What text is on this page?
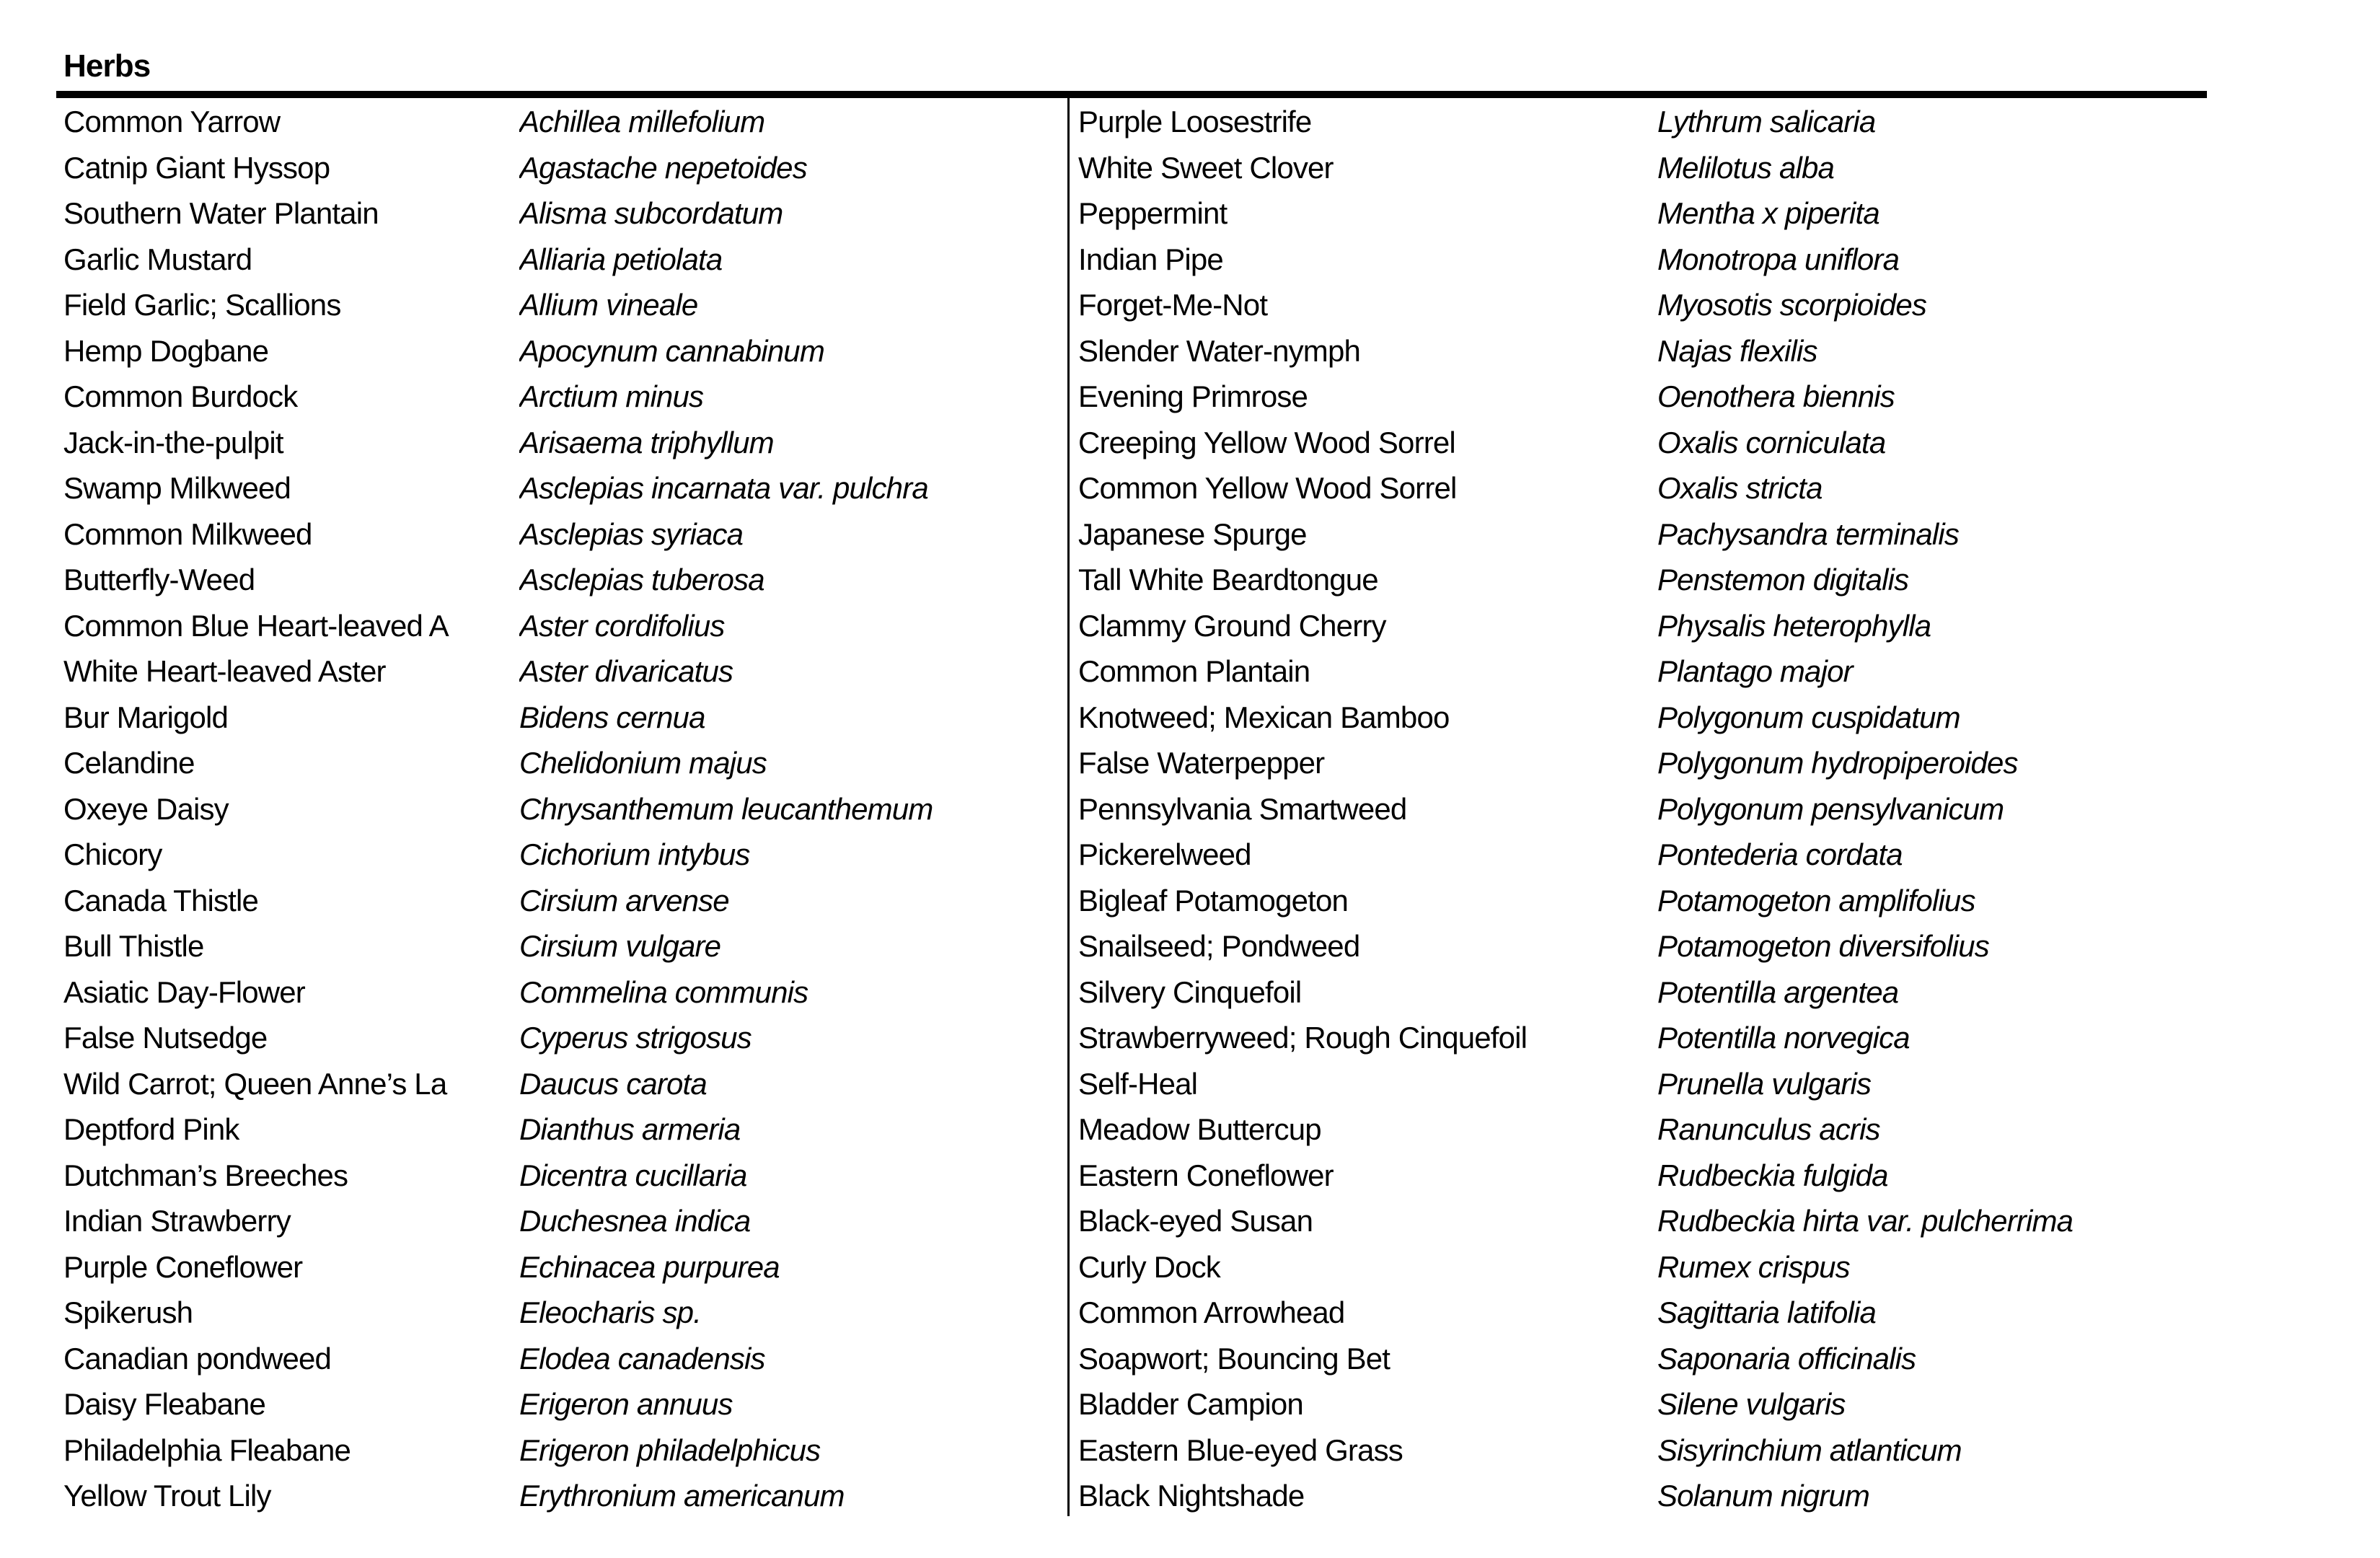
Herbs
Common Yarrow	Achillea millefolium
Catnip Giant Hyssop	Agastache nepetoides
Southern Water Plantain	Alisma subcordatum
Garlic Mustard	Alliaria petiolata
Field Garlic; Scallions	Allium vineale
Hemp Dogbane	Apocynum cannabinum
Common Burdock	Arctium minus
Jack-in-the-pulpit	Arisaema triphyllum
Swamp Milkweed	Asclepias incarnata var. pulchra
Common Milkweed	Asclepias syriaca
Butterfly-Weed	Asclepias tuberosa
Common Blue Heart-leaved A	Aster cordifolius
White Heart-leaved Aster	Aster divaricatus
Bur Marigold	Bidens cernua
Celandine	Chelidonium majus
Oxeye Daisy	Chrysanthemum leucanthemum
Chicory	Cichorium intybus
Canada Thistle	Cirsium arvense
Bull Thistle	Cirsium vulgare
Asiatic Day-Flower	Commelina communis
False Nutsedge	Cyperus strigosus
Wild Carrot; Queen Anne’s La	Daucus carota
Deptford Pink	Dianthus armeria
Dutchman’s Breeches	Dicentra cucillaria
Indian Strawberry	Duchesnea indica
Purple Coneflower	Echinacea purpurea
Spikerush	Eleocharis sp.
Canadian pondweed	Elodea canadensis
Daisy Fleabane	Erigeron annuus
Philadelphia Fleabane	Erigeron philadelphicus
Yellow Trout Lily	Erythronium americanum
Purple Loosestrife	Lythrum salicaria
White Sweet Clover	Melilotus alba
Peppermint	Mentha x piperita
Indian Pipe	Monotropa uniflora
Forget-Me-Not	Myosotis scorpioides
Slender Water-nymph	Najas flexilis
Evening Primrose	Oenothera biennis
Creeping Yellow Wood Sorrel	Oxalis corniculata
Common Yellow Wood Sorrel	Oxalis stricta
Japanese Spurge	Pachysandra terminalis
Tall White Beardtongue	Penstemon digitalis
Clammy Ground Cherry	Physalis heterophylla
Common Plantain	Plantago major
Knotweed; Mexican Bamboo	Polygonum cuspidatum
False Waterpepper	Polygonum hydropiperoides
Pennsylvania Smartweed	Polygonum pensylvanicum
Pickerelweed	Pontederia cordata
Bigleaf Potamogeton	Potamogeton amplifolius
Snailseed; Pondweed	Potamogeton diversifolius
Silvery Cinquefoil	Potentilla argentea
Strawberryweed; Rough Cinquefoil	Potentilla norvegica
Self-Heal	Prunella vulgaris
Meadow Buttercup	Ranunculus acris
Eastern Coneflower	Rudbeckia fulgida
Black-eyed Susan	Rudbeckia hirta var. pulcherrima
Curly Dock	Rumex crispus
Common Arrowhead	Sagittaria latifolia
Soapwort; Bouncing Bet	Saponaria officinalis
Bladder Campion	Silene vulgaris
Eastern Blue-eyed Grass	Sisyrinchium atlanticum
Black Nightshade	Solanum nigrum
